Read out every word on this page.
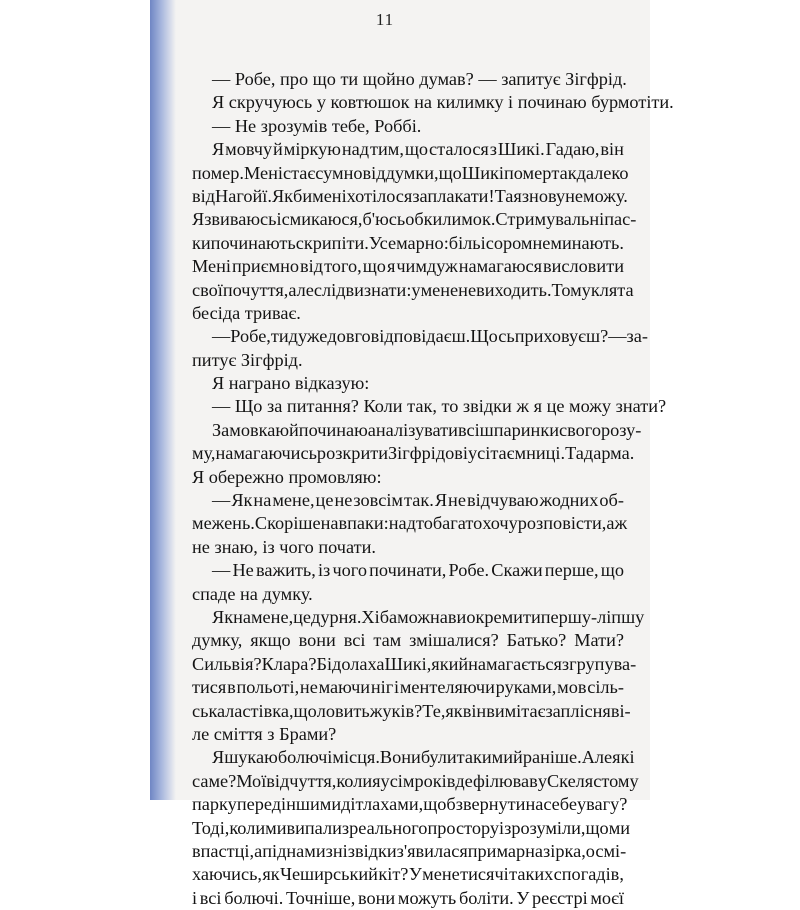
11
— Робе, про що ти щойно думав? — запитує Зігфрід.
Я скручуюсь у ковтюшок на килимку і починаю бурмотіти.
— Не зрозумів тебе, Роббі.
Я мовчу й міркую над тим, що сталося з Шикі. Гадаю, він
помер. Мені стає сумно від думки, що Шикі помер так далеко
від Нагойї. Як би мені хотілося заплакати! Та я знову не можу.
Я звиваюсь і смикаюся, б'юсь об килимок. Стримувальні пас-
ки починають скрипіти. Усе марно: біль і сором не минають.
Мені приємно від того, що я чимдуж намагаюся висловити
свої почуття, але слід визнати: у мене не виходить. Тому клята
бесіда триває.
— Робе, ти дуже довго відповідаєш. Щось приховуєш? — за-
питує Зігфрід.
Я награно відказую:
— Що за питання? Коли так, то звідки ж я це можу знати?
Замовкаю й починаю аналізувати всі шпаринки свого розу-
му, намагаючись розкрити Зігфрідові усі таємниці. Та дарма.
Я обережно промовляю:
— Як на мене, це не зовсім так. Я не відчуваю жодних об-
межень. Скоріше навпаки: надто багато хочу розповісти, аж
не знаю, із чого почати.
— Не важить, із чого починати, Робе. Скажи перше, що
спаде на думку.
Як на мене, це дурня. Хіба можна виокремити першу-ліпшу
думку, якщо вони всі там змішалися? Батько? Мати?
Сильвія? Клара? Бідолаха Шикі, який намагається згрупува-
тися в польоті, не маючи ніг і ментеляючи руками, мов сіль-
ська ластівка, що ловить жуків? Те, як він вимітає заплісняві-
ле сміття з Брами?
Я шукаю болючі місця. Вони були такими й раніше. Але які
саме? Мої відчуття, коли я у сім років дефілював у Скелястому
парку перед іншими дітлахами, щоб звернути на себе увагу?
Тоді, коли ми випали з реального простору і зрозуміли, що ми
в пастці, а під нами з нізвідки з'явилася примарна зірка, осмі-
хаючись, як Чеширський кіт? У мене тисячі таких спогадів,
і всі болючі. Точніше, вони можуть боліти. У реєстрі моєї
